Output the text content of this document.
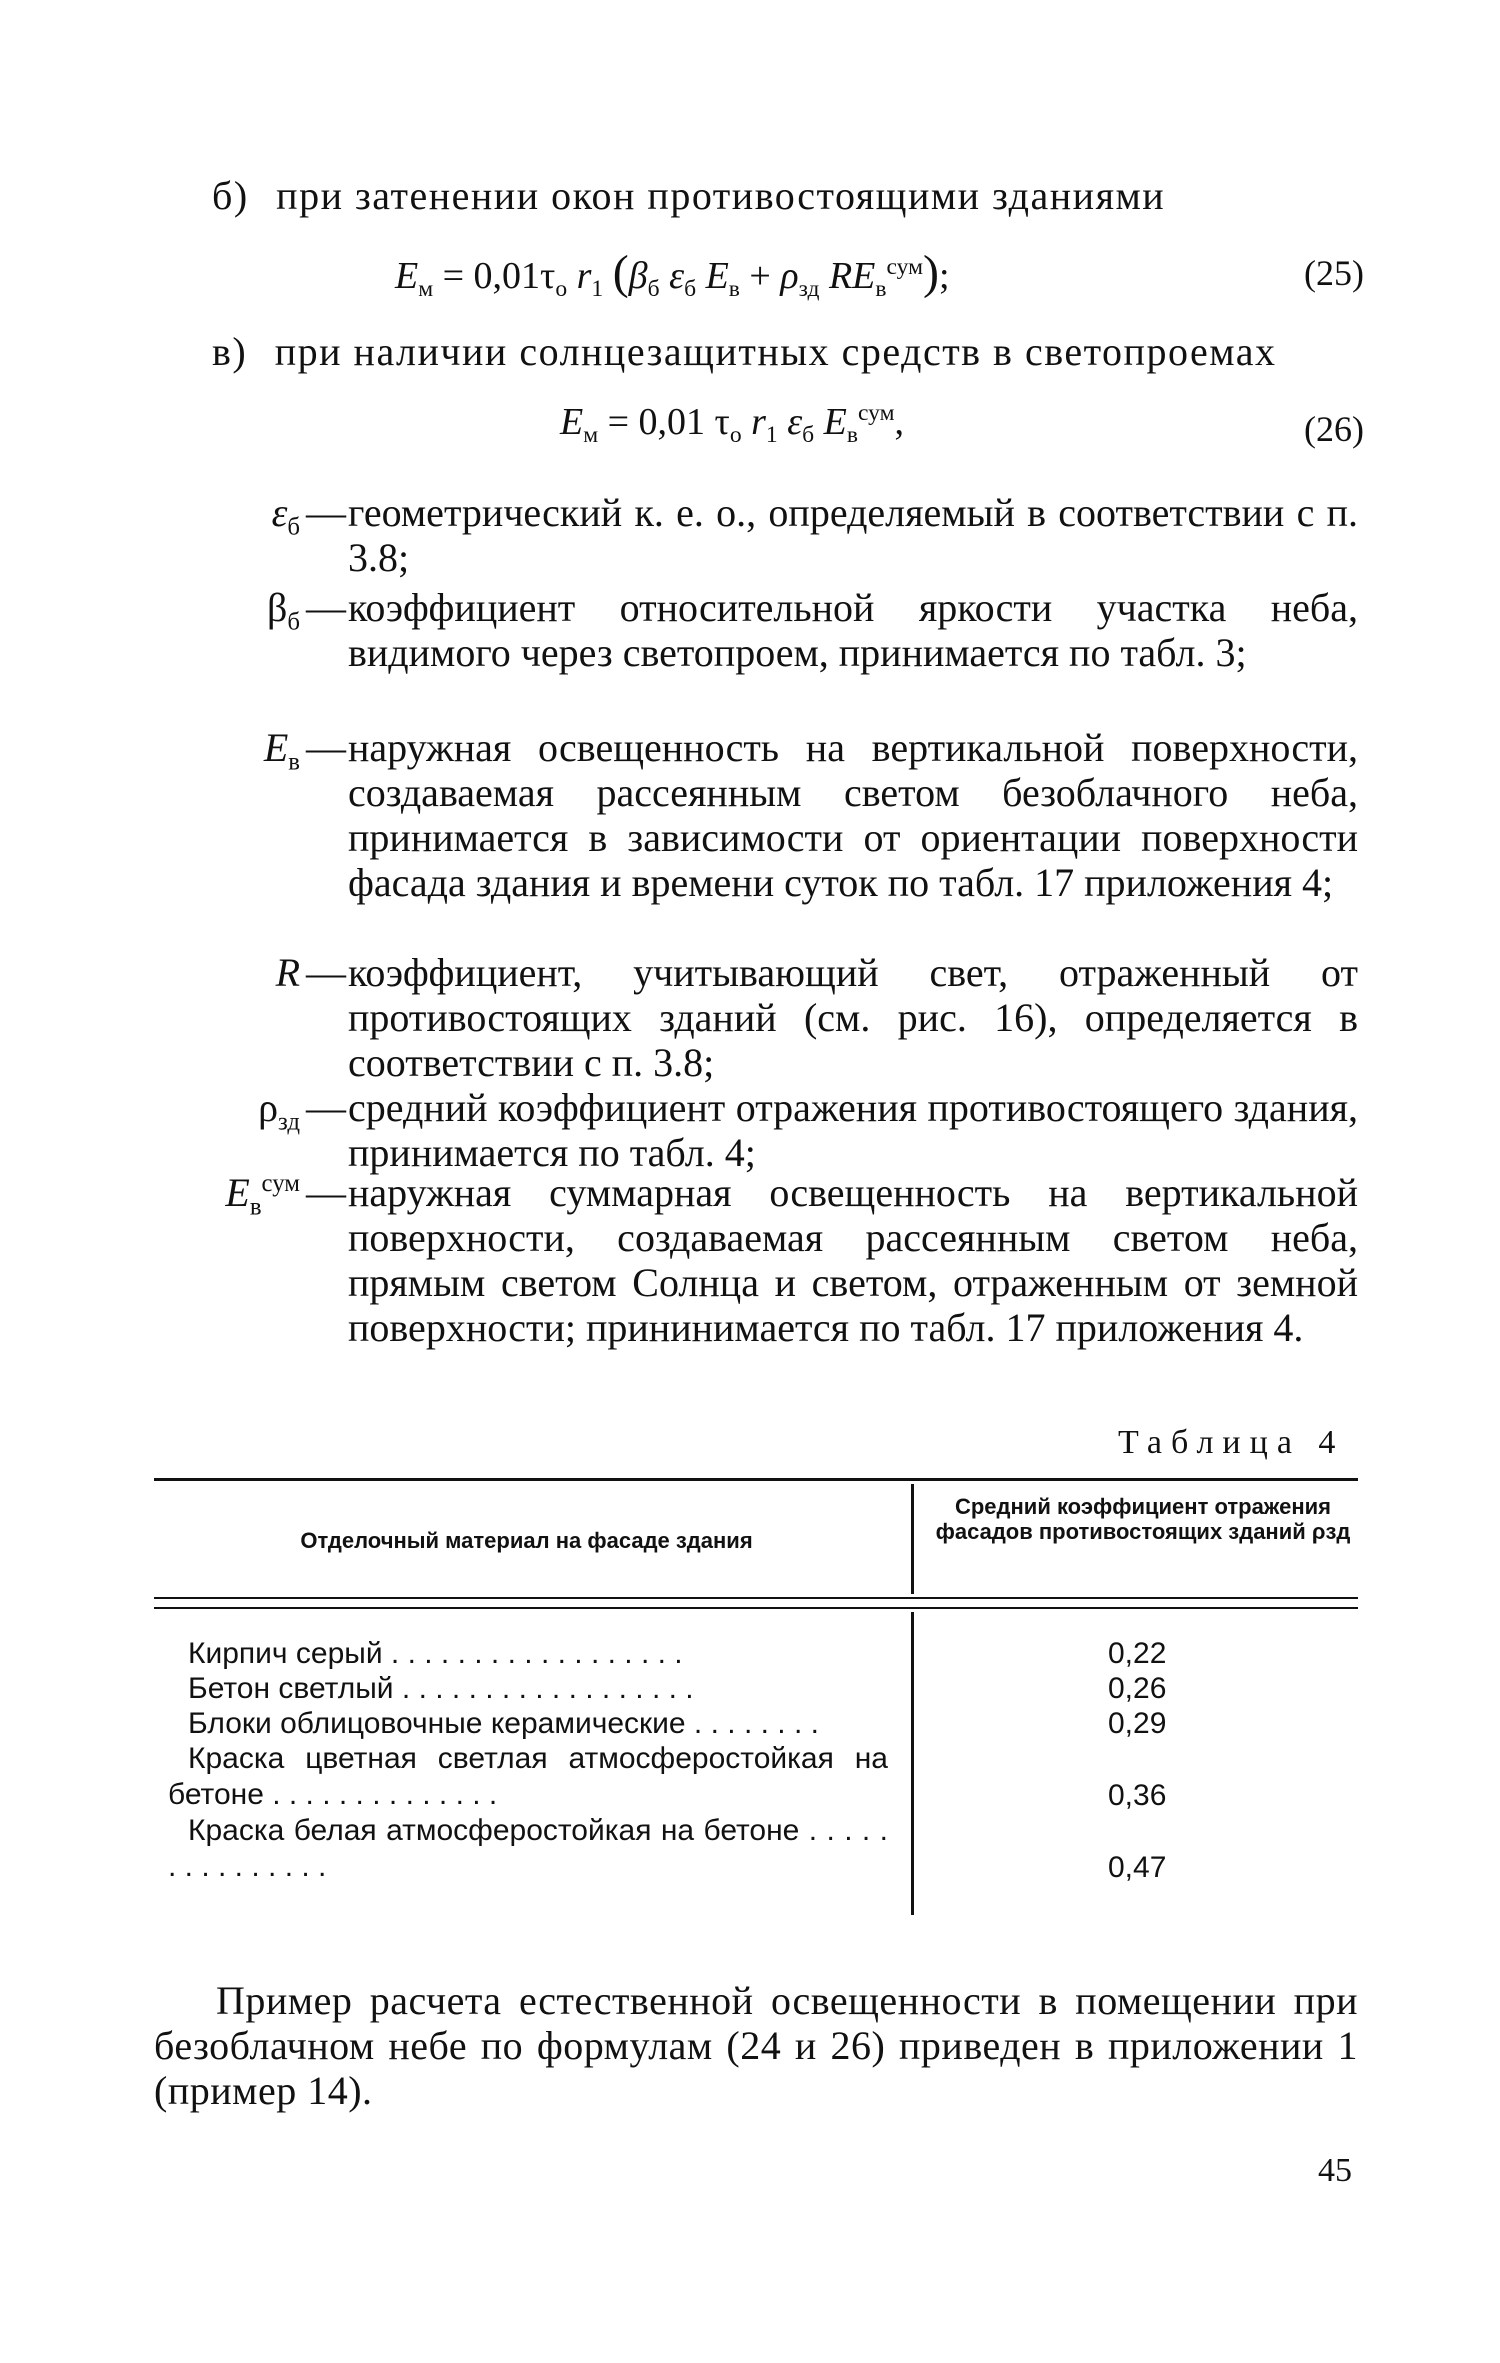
б) при затенении окон противостоящими зданиями
$E_м = 0,01\tau_о$ $r_1$ ($\beta_б$ $\varepsilon_б$ $E_в + \rho_{зд}$ $RE_в^{сум}$);	(25)
в) при наличии солнцезащитных средств в светопроемах
$E_м = 0,01$ $\tau_о$ $r_1$ $\varepsilon_б$ $E_в^{сум}$,	(26)
$\varepsilon_б$ — геометрический к. е. о., определяемый в соответствии с п. 3.8;
$\beta_б$ — коэффициент относительной яркости участка неба, видимого через светопроем, принимается по табл. 3;
$E_в$ — наружная освещенность на вертикальной поверхности, создаваемая рассеянным светом безоблачного неба, принимается в зависимости от ориентации поверхности фасада здания и времени суток по табл. 17 приложения 4;
R — коэффициент, учитывающий свет, отраженный от противостоящих зданий (см. рис. 16), определяется в соответствии с п. 3.8;
$\rho_{зд}$ — средний коэффициент отражения противостоящего здания, принимается по табл. 4;
$E_в^{сум}$ — наружная суммарная освещенность на вертикальной поверхности, создаваемая рассеянным светом неба, прямым светом Солнца и светом, отраженным от земной поверхности; прининимается по табл. 17 приложения 4.
Таблица 4
Отделочный материал на фасаде здания
Средний коэффициент отражения фасадов противостоящих зданий ρзд
Кирпич серый . . . . . . . . . . . . . . . . . .	0,22
Бетон светлый . . . . . . . . . . . . . . . . . .	0,26
Блоки облицовочные керамические . . . . . . . .	0,29
Краска цветная светлая атмосферостойкая на бетоне . . . . . . . . . . . . . .	0,36
Краска белая атмосферостойкая на бетоне . . . . . . . . . . . . . . .	0,47
Пример расчета естественной освещенности в помещении при безоблачном небе по формулам (24 и 26) приведен в приложении 1 (пример 14).
45
